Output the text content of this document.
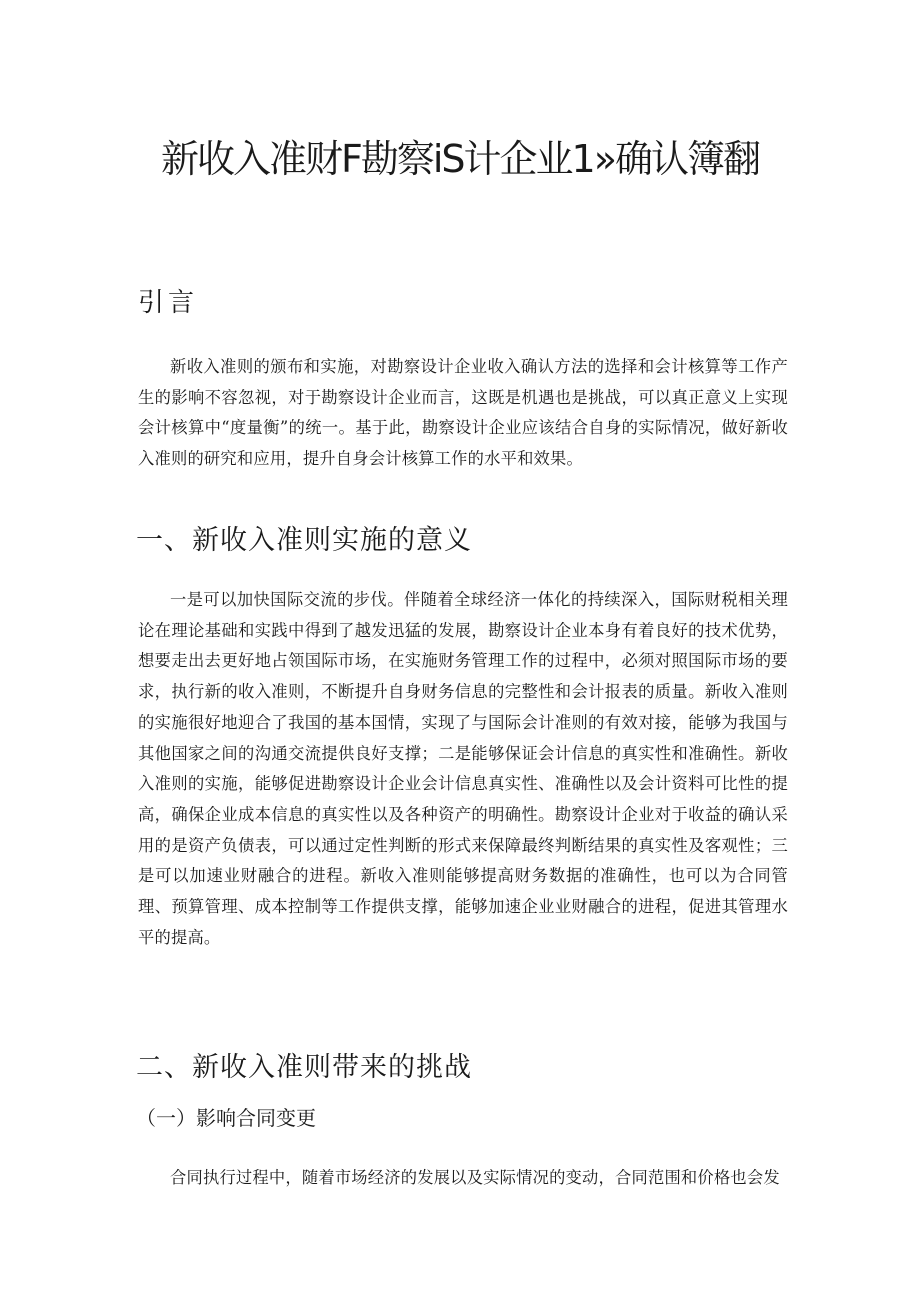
新收入准财F勘察iS计企业1»确认簿翻
引言

新收入准则的颁布和实施，对勘察设计企业收入确认方法的选择和会计核算等工作产生的影响不容忽视，对于勘察设计企业而言，这既是机遇也是挑战，可以真正意义上实现会计核算中“度量衡”的统一。基于此，勘察设计企业应该结合自身的实际情况，做好新收入准则的研究和应用，提升自身会计核算工作的水平和效果。

一、新收入准则实施的意义

一是可以加快国际交流的步伐。伴随着全球经济一体化的持续深入，国际财税相关理论在理论基础和实践中得到了越发迅猛的发展，勘察设计企业本身有着良好的技术优势，想要走出去更好地占领国际市场，在实施财务管理工作的过程中，必须对照国际市场的要求，执行新的收入准则，不断提升自身财务信息的完整性和会计报表的质量。新收入准则的实施很好地迎合了我国的基本国情，实现了与国际会计准则的有效对接，能够为我国与其他国家之间的沟通交流提供良好支撑；二是能够保证会计信息的真实性和准确性。新收入准则的实施，能够促进勘察设计企业会计信息真实性、准确性以及会计资料可比性的提高，确保企业成本信息的真实性以及各种资产的明确性。勘察设计企业对于收益的确认采用的是资产负债表，可以通过定性判断的形式来保障最终判断结果的真实性及客观性；三是可以加速业财融合的进程。新收入准则能够提高财务数据的准确性，也可以为合同管理、预算管理、成本控制等工作提供支撑，能够加速企业业财融合的进程，促进其管理水平的提高。

二、新收入准则带来的挑战
（一）影响合同变更

合同执行过程中，随着市场经济的发展以及实际情况的变动，合同范围和价格也会发
